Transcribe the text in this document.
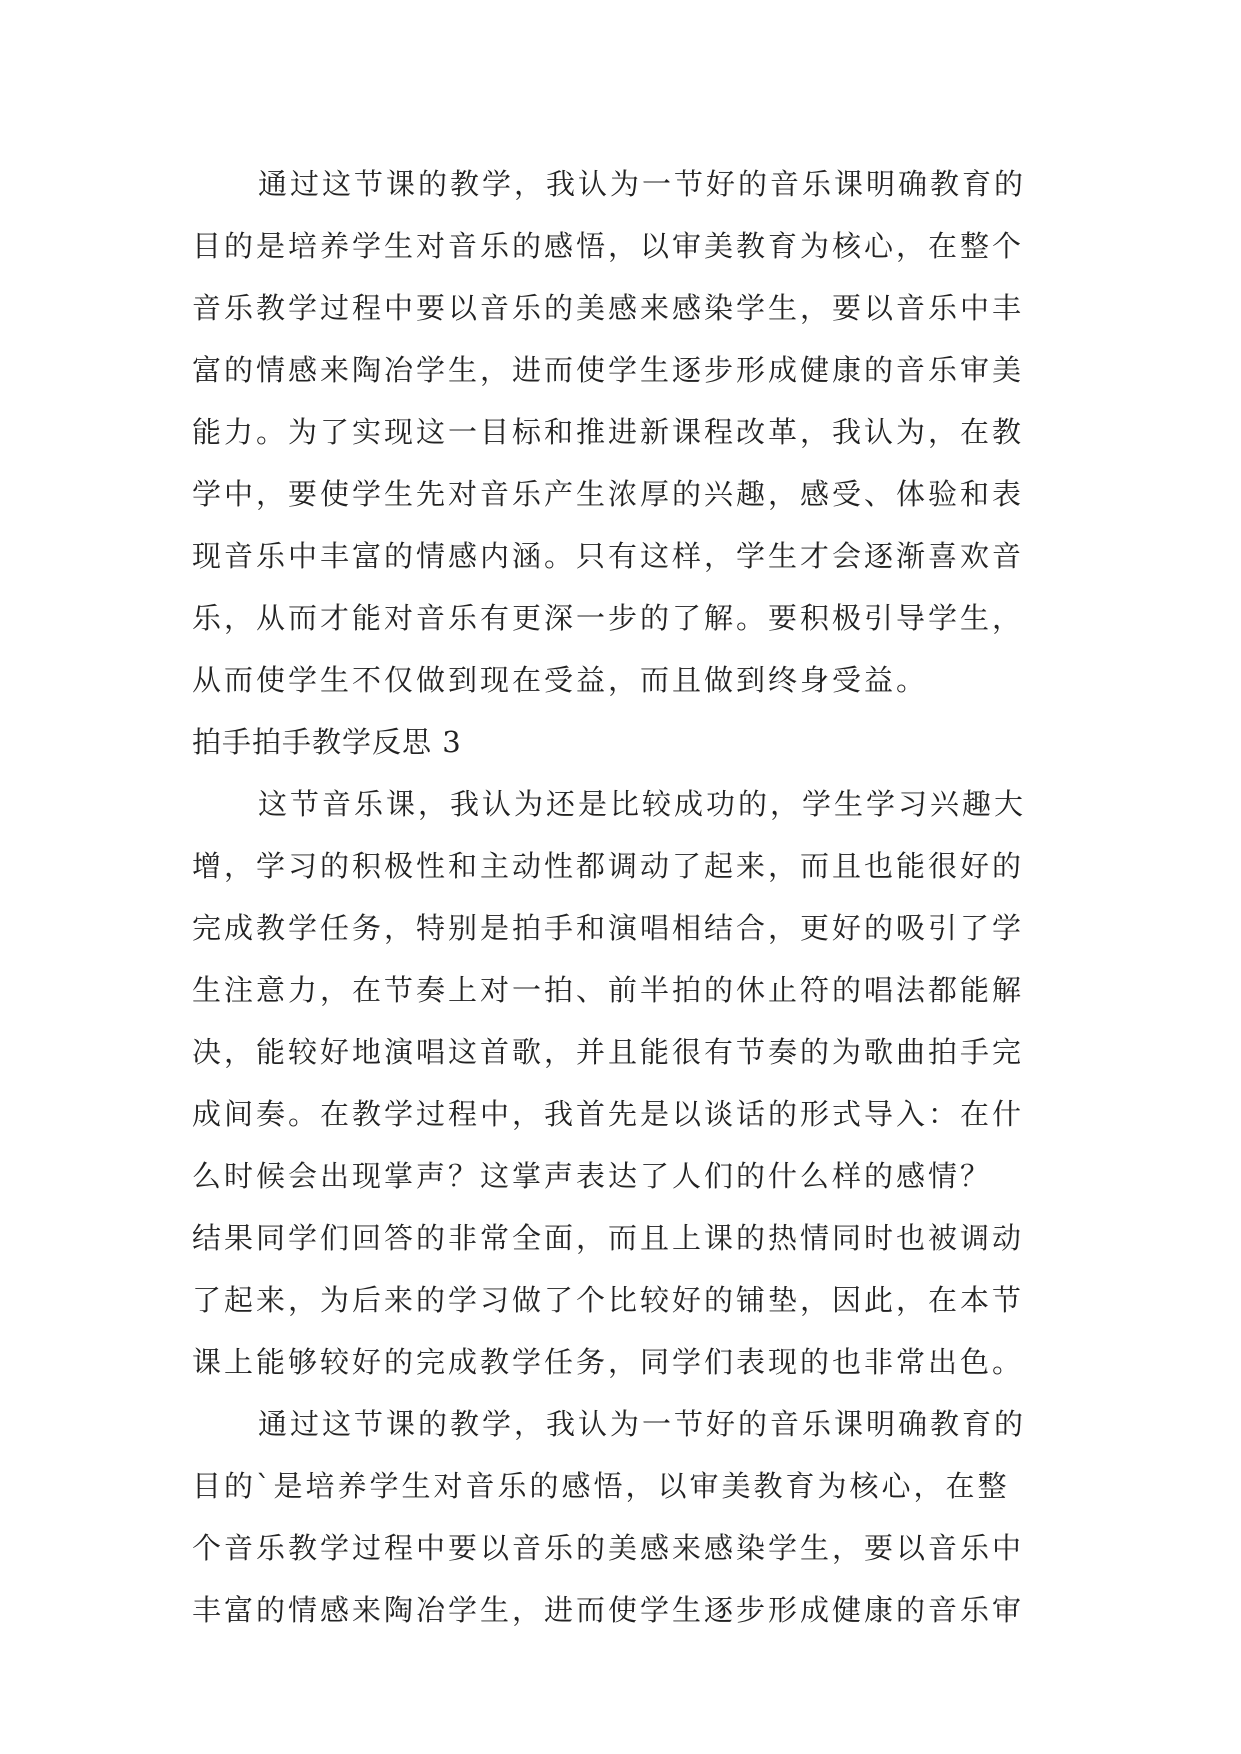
通过这节课的教学，我认为一节好的音乐课明确教育的
目的是培养学生对音乐的感悟，以审美教育为核心，在整个
音乐教学过程中要以音乐的美感来感染学生，要以音乐中丰
富的情感来陶冶学生，进而使学生逐步形成健康的音乐审美
能力。为了实现这一目标和推进新课程改革，我认为，在教
学中，要使学生先对音乐产生浓厚的兴趣，感受、体验和表
现音乐中丰富的情感内涵。只有这样，学生才会逐渐喜欢音
乐，从而才能对音乐有更深一步的了解。要积极引导学生，
从而使学生不仅做到现在受益，而且做到终身受益。
拍手拍手教学反思 3
这节音乐课，我认为还是比较成功的，学生学习兴趣大
增，学习的积极性和主动性都调动了起来，而且也能很好的
完成教学任务，特别是拍手和演唱相结合，更好的吸引了学
生注意力，在节奏上对一拍、前半拍的休止符的唱法都能解
决，能较好地演唱这首歌，并且能很有节奏的为歌曲拍手完
成间奏。在教学过程中，我首先是以谈话的形式导入：在什
么时候会出现掌声？这掌声表达了人们的什么样的感情？
结果同学们回答的非常全面，而且上课的热情同时也被调动
了起来，为后来的学习做了个比较好的铺垫，因此，在本节
课上能够较好的完成教学任务，同学们表现的也非常出色。
通过这节课的教学，我认为一节好的音乐课明确教育的
目的`是培养学生对音乐的感悟，以审美教育为核心，在整
个音乐教学过程中要以音乐的美感来感染学生，要以音乐中
丰富的情感来陶冶学生，进而使学生逐步形成健康的音乐审
